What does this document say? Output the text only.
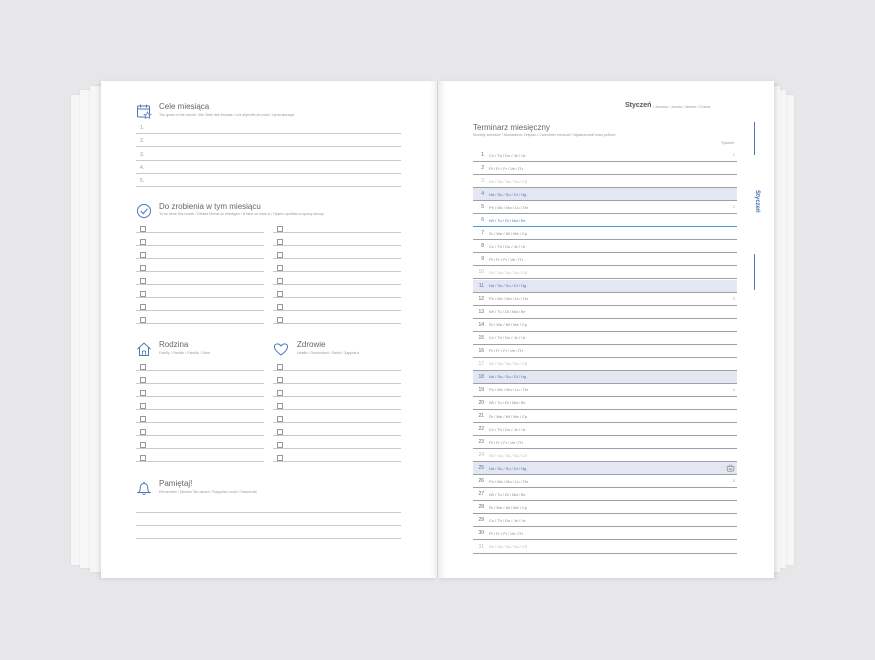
Cele miesiąca
The goals of the month / Die Ziele des Monats / Les objectifs du mois / Цели месяца
1.
2.
3.
4.
5.
Do zrobienia w tym miesiącu
To be done this month / Dieses Monat zu erledigen / À faire ce mois ci / Нужно зробити в цьому місяці
Rodzina
Family / Familie / Famille / Сім'я
Zdrowie
Health / Gesundheit / Santé / Здоров'я
Pamiętaj!
Remember / Denken Sie daran! / Rappelez-vous! / Пам'ятай!
Styczeń / January / Januar / Janvier / Січень
Terminarz miesięczny
Monthly schedule / Monatlicher Zeitplan / Calendrier mensuel / Щомісячний план роботи
Tydzień
1 Cz / Th / Do / Je / Чт	1
2 Pt / Fr / Fr / Ve / Пт
3 Sb / Sa / Sa / Sa / Сб
4 Nd / Su / So / Di / Нд
5 Pn / Mo / Mo / Lu / Пн	2
6 Wt / Tu / Di / Ma / Вт
7 Śr / We / Mi / Me / Ср
8 Cz / Th / Do / Je / Чт
9 Pt / Fr / Fr / Ve / Пт
10 Sb / Sa / Sa / Sa / Сб
11 Nd / Su / So / Di / Нд
12 Pn / Mo / Mo / Lu / Пн	3
13 Wt / Tu / Di / Ma / Вт
14 Śr / We / Mi / Me / Ср
15 Cz / Th / Do / Je / Чт
16 Pt / Fr / Fr / Ve / Пт
17 Sb / Sa / Sa / Sa / Сб
18 Nd / Su / So / Di / Нд
19 Pn / Mo / Mo / Lu / Пн	4
20 Wt / Tu / Di / Ma / Вт
21 Śr / We / Mi / Me / Ср
22 Cz / Th / Do / Je / Чт
23 Pt / Fr / Fr / Ve / Пт
24 Sb / Sa / Sa / Sa / Сб
25 Nd / Su / So / Di / Нд
26 Pn / Mo / Mo / Lu / Пн	5
27 Wt / Tu / Di / Ma / Вт
28 Śr / We / Mi / Me / Ср
29 Cz / Th / Do / Je / Чт
30 Pt / Fr / Fr / Ve / Пт
31 Sb / Sa / Sa / Sa / Сб
Styczeń
